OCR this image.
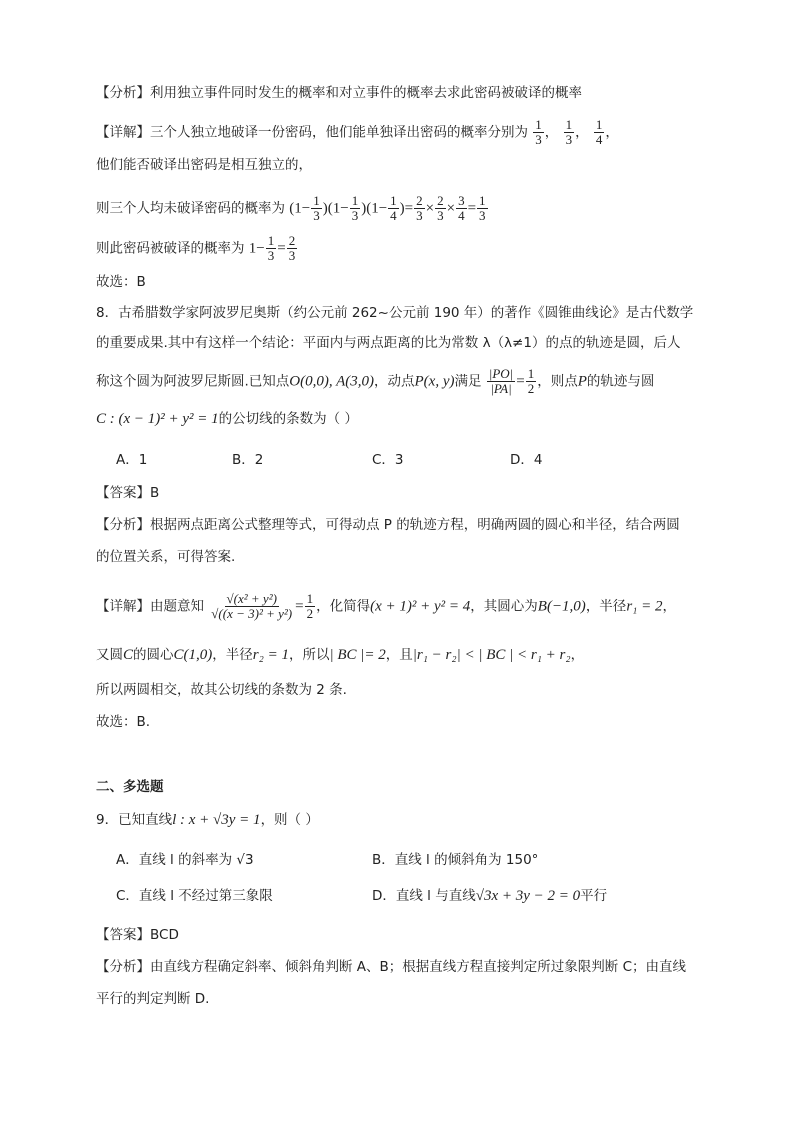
【分析】利用独立事件同时发生的概率和对立事件的概率去求此密码被破译的概率
【详解】三个人独立地破译一份密码，他们能单独译出密码的概率分别为 $\frac{1}{3}$ ， $\frac{1}{3}$ ， $\frac{1}{4}$ ，
他们能否破译出密码是相互独立的，
则三个人均未破译密码的概率为 $(1- \frac{1}{3} )(1- \frac{1}{3} )(1- \frac{1}{4}$ )= $\frac{2}{3} \times \frac{2}{3} \times \frac{3}{4} = \frac{1}{3}$
则此密码被破译的概率为 $1- \frac{1}{3} = \frac{2}{3}$
故选：B
8．古希腊数学家阿波罗尼奥斯（约公元前 262~公元前 190 年）的著作《圆锥曲线论》是古代数学
的重要成果.其中有这样一个结论：平面内与两点距离的比为常数 λ（λ≠1）的点的轨迹是圆，后人
称这个圆为阿波罗尼斯圆.已知点O(0,0), A(3,0)，动点P(x, y)满足 $\frac{|PO|}{|PA|} = \frac{1}{2}$ ，则点P的轨迹与圆
C : (x − 1)² + y² = 1的公切线的条数为（ ）
A．1	B．2	C．3	D．4
【答案】B
【分析】根据两点距离公式整理等式，可得动点 P 的轨迹方程，明确两圆的圆心和半径，结合两圆
的位置关系，可得答案.
【详解】由题意知 $\frac{\text{√(x² + y²)}}{\text{√((x − 3)² + y²)}} = \frac{1}{2}$ ，化简得(x + 1)² + y² = 4，其圆心为B(−1,0)，半径r₁ = 2，
又圆C的圆心C(1,0)，半径r₂ = 1，所以| BC |= 2，且|r₁ − r₂| < | BC | < r₁ + r₂，
所以两圆相交，故其公切线的条数为 2 条.
故选：B.
二、多选题
9．已知直线l : x + √3y = 1，则（ ）
A．直线 l 的斜率为 √3	B．直线 l 的倾斜角为 150°
C．直线 l 不经过第三象限	D．直线 l 与直线√3x + 3y − 2 = 0平行
【答案】BCD
【分析】由直线方程确定斜率、倾斜角判断 A、B；根据直线方程直接判定所过象限判断 C；由直线
平行的判定判断 D.
